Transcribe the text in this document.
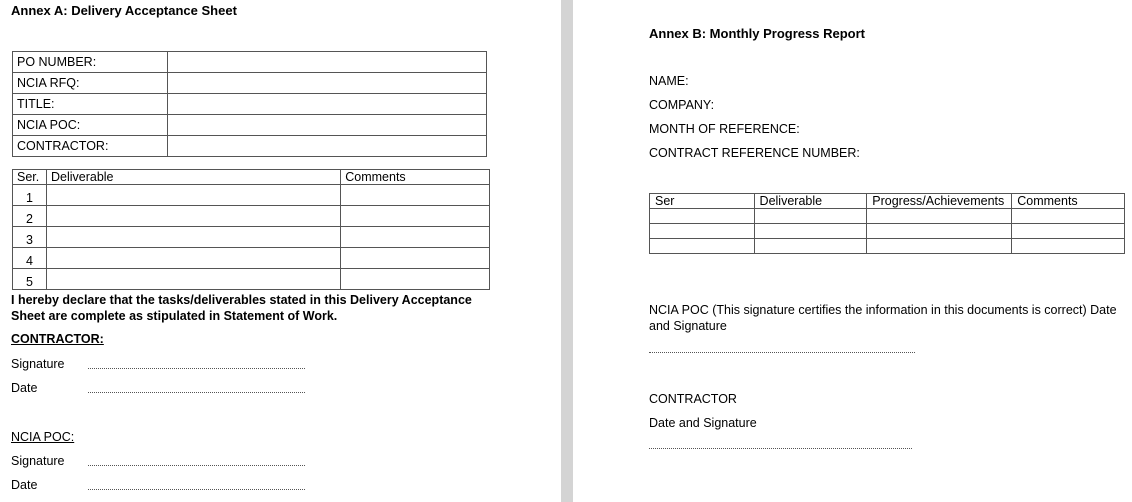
Annex A: Delivery Acceptance Sheet
PO NUMBER:	
NCIA RFQ:	
TITLE:	
NCIA POC:	
CONTRACTOR:	
Ser.	Deliverable	Comments
1		
2		
3		
4		
5		
I hereby declare that the tasks/deliverables stated in this Delivery Acceptance Sheet are complete as stipulated in Statement of Work.
CONTRACTOR:
Signature
Date
NCIA POC:
Signature
Date
Annex B: Monthly Progress Report
NAME:
COMPANY:
MONTH OF REFERENCE:
CONTRACT REFERENCE NUMBER:
Ser	Deliverable	Progress/Achievements	Comments

NCIA POC (This signature certifies the information in this documents is correct) Date and Signature
CONTRACTOR
Date and Signature
